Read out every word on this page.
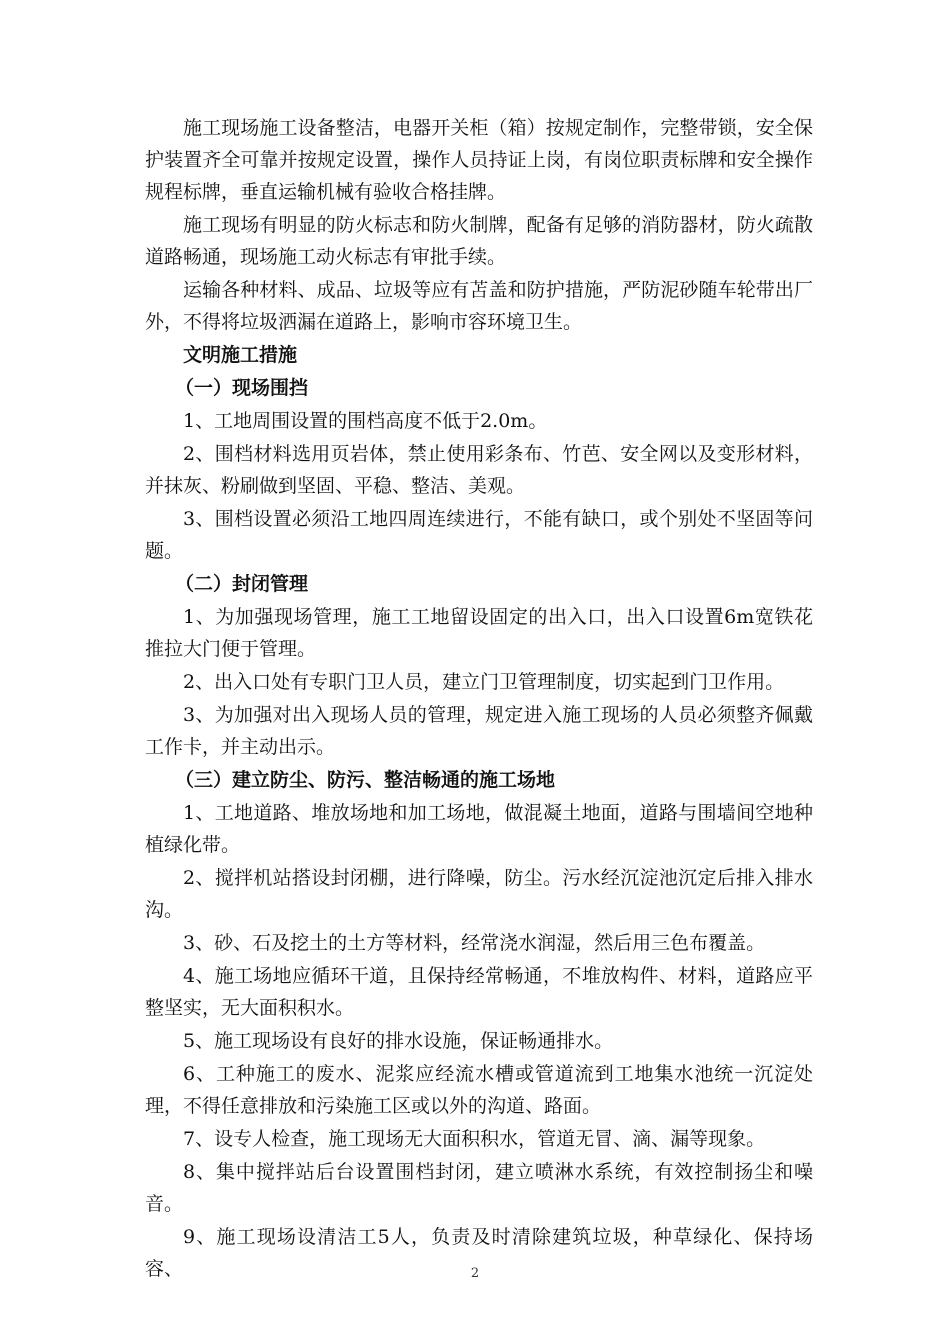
施工现场施工设备整洁，电器开关柜（箱）按规定制作，完整带锁，安全保护装置齐全可靠并按规定设置，操作人员持证上岗，有岗位职责标牌和安全操作规程标牌，垂直运输机械有验收合格挂牌。

施工现场有明显的防火标志和防火制牌，配备有足够的消防器材，防火疏散道路畅通，现场施工动火标志有审批手续。

运输各种材料、成品、垃圾等应有苫盖和防护措施，严防泥砂随车轮带出厂外，不得将垃圾洒漏在道路上，影响市容环境卫生。

文明施工措施

（一）现场围挡

1、工地周围设置的围档高度不低于2.0m。

2、围档材料选用页岩体，禁止使用彩条布、竹芭、安全网以及变形材料，并抹灰、粉刷做到坚固、平稳、整洁、美观。

3、围档设置必须沿工地四周连续进行，不能有缺口，或个别处不坚固等问题。

（二）封闭管理

1、为加强现场管理，施工工地留设固定的出入口，出入口设置6m宽铁花推拉大门便于管理。

2、出入口处有专职门卫人员，建立门卫管理制度，切实起到门卫作用。

3、为加强对出入现场人员的管理，规定进入施工现场的人员必须整齐佩戴工作卡，并主动出示。

（三）建立防尘、防污、整洁畅通的施工场地

1、工地道路、堆放场地和加工场地，做混凝土地面，道路与围墙间空地种植绿化带。

2、搅拌机站搭设封闭棚，进行降噪，防尘。污水经沉淀池沉定后排入排水沟。

3、砂、石及挖土的土方等材料，经常浇水润湿，然后用三色布覆盖。

4、施工场地应循环干道，且保持经常畅通，不堆放构件、材料，道路应平整坚实，无大面积积水。

5、施工现场设有良好的排水设施，保证畅通排水。

6、工种施工的废水、泥浆应经流水槽或管道流到工地集水池统一沉淀处理，不得任意排放和污染施工区或以外的沟道、路面。

7、设专人检查，施工现场无大面积积水，管道无冒、滴、漏等现象。

8、集中搅拌站后台设置围档封闭，建立喷淋水系统，有效控制扬尘和噪音。

9、施工现场设清洁工5人，负责及时清除建筑垃圾，种草绿化、保持场容、	2
